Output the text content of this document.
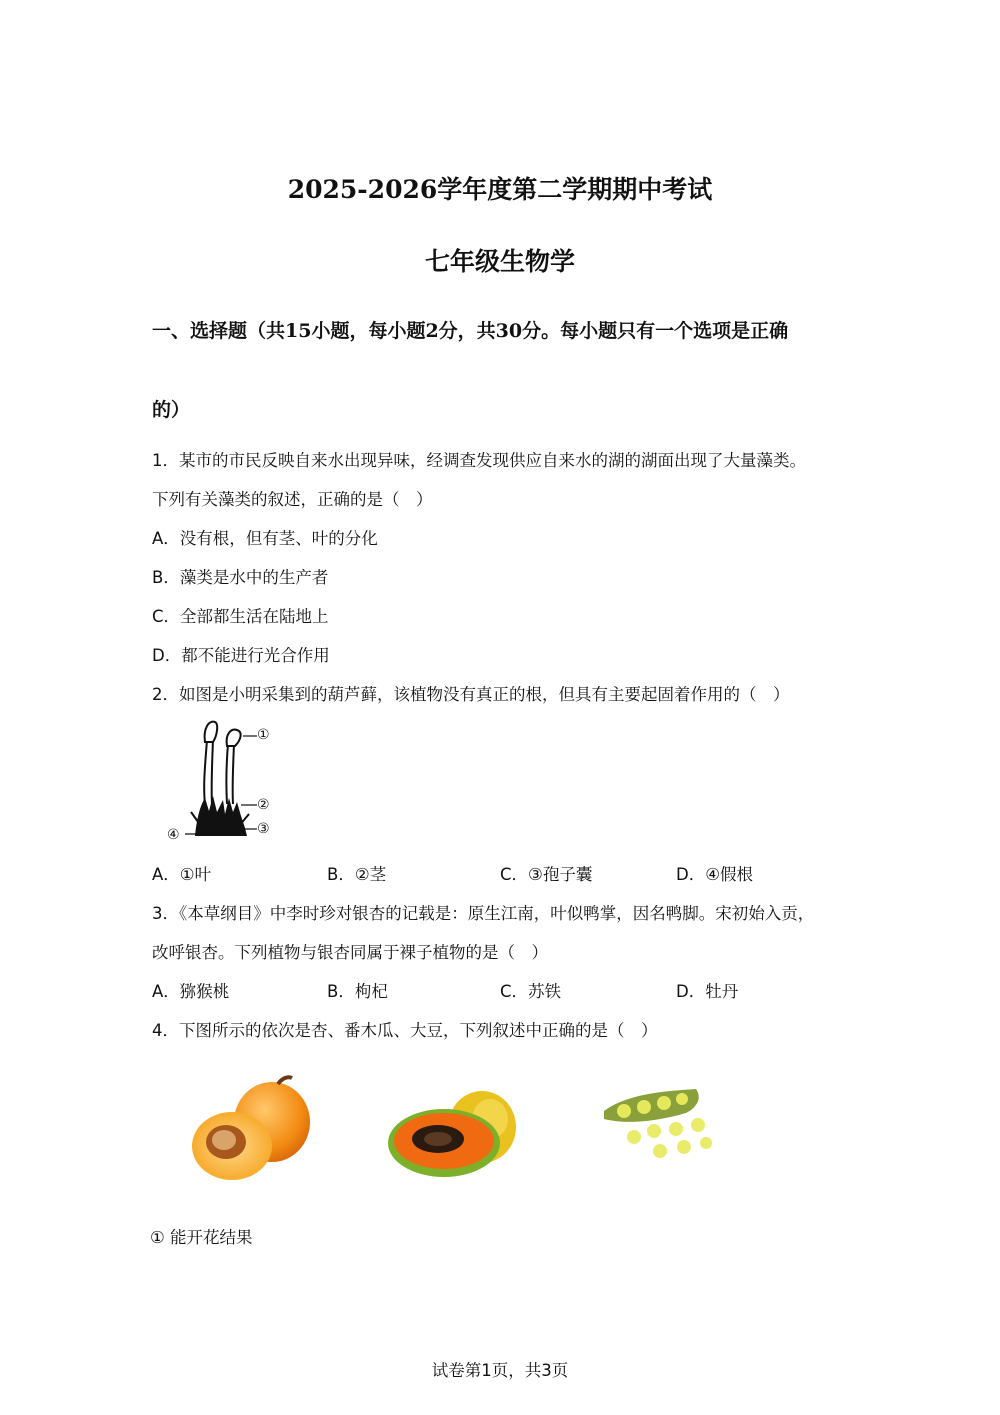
2025-2026学年度第二学期期中考试
七年级生物学
一、选择题（共15小题，每小题2分，共30分。每小题只有一个选项是正确
的）
1．某市的市民反映自来水出现异味，经调查发现供应自来水的湖的湖面出现了大量藻类。
下列有关藻类的叙述，正确的是（　）
A．没有根，但有茎、叶的分化
B．藻类是水中的生产者
C．全部都生活在陆地上
D．都不能进行光合作用
2．如图是小明采集到的葫芦藓，该植物没有真正的根，但具有主要起固着作用的（　）
①
②
③
④
A．①叶	B．②茎	C．③孢子囊	D．④假根
3．《本草纲目》中李时珍对银杏的记载是：原生江南，叶似鸭掌，因名鸭脚。宋初始入贡，
改呼银杏。下列植物与银杏同属于裸子植物的是（　）
A．猕猴桃	B．枸杞	C．苏铁	D．牡丹
4．下图所示的依次是杏、番木瓜、大豆，下列叙述中正确的是（　）
① 能开花结果
试卷第1页，共3页
